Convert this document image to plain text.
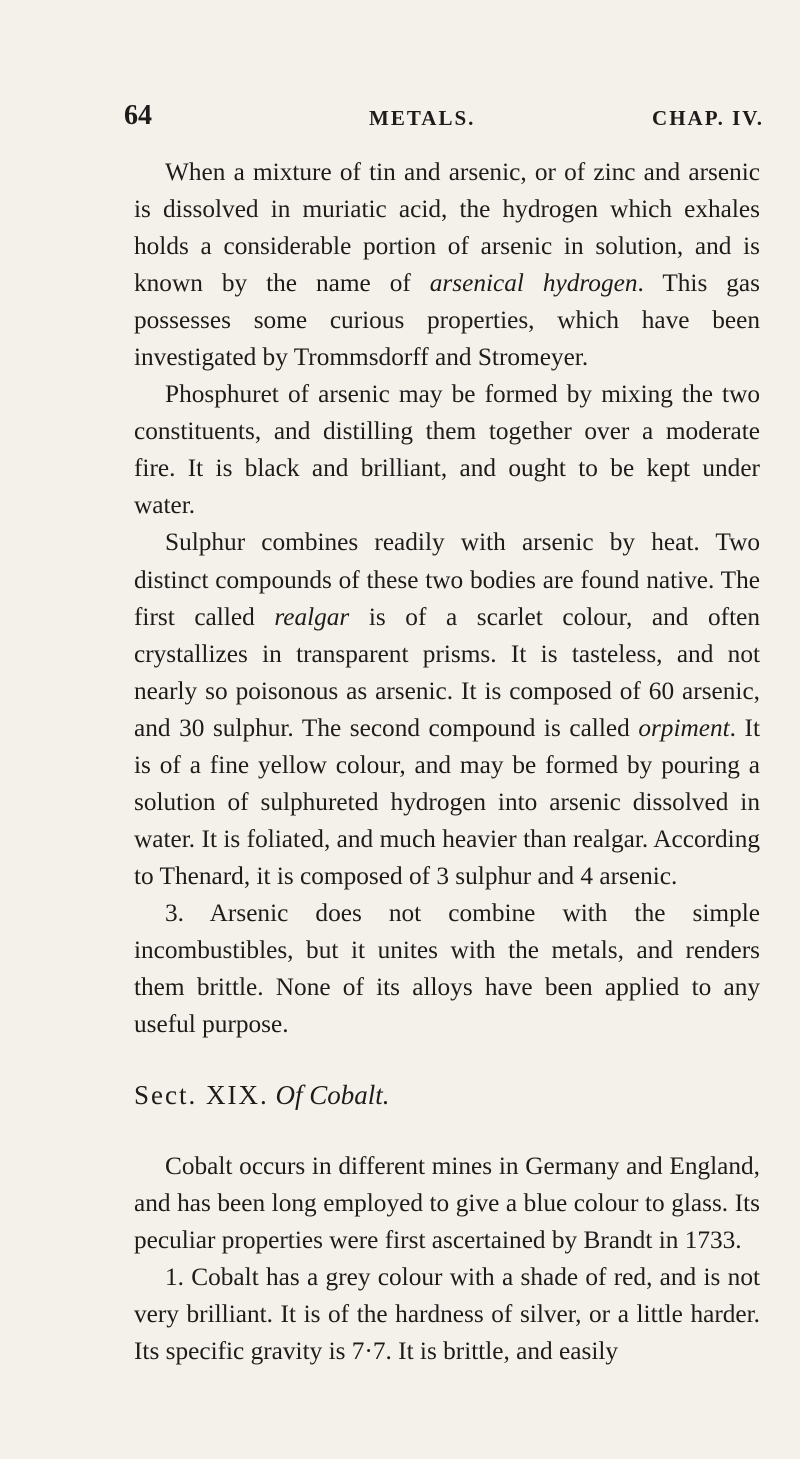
64	METALS.	CHAP. IV.

When a mixture of tin and arsenic, or of zinc and arsenic is dissolved in muriatic acid, the hydrogen which exhales holds a considerable portion of arsenic in solution, and is known by the name of arsenical hydrogen. This gas possesses some curious properties, which have been investigated by Trommsdorff and Stromeyer.

Phosphuret of arsenic may be formed by mixing the two constituents, and distilling them together over a moderate fire. It is black and brilliant, and ought to be kept under water.

Sulphur combines readily with arsenic by heat. Two distinct compounds of these two bodies are found native. The first called realgar is of a scarlet colour, and often crystallizes in transparent prisms. It is tasteless, and not nearly so poisonous as arsenic. It is composed of 60 arsenic, and 30 sulphur. The second compound is called orpiment. It is of a fine yellow colour, and may be formed by pouring a solution of sulphureted hydrogen into arsenic dissolved in water. It is foliated, and much heavier than realgar. According to Thenard, it is composed of 3 sulphur and 4 arsenic.

3. Arsenic does not combine with the simple incombustibles, but it unites with the metals, and renders them brittle. None of its alloys have been applied to any useful purpose.

Sect. XIX. Of Cobalt.

Cobalt occurs in different mines in Germany and England, and has been long employed to give a blue colour to glass. Its peculiar properties were first ascertained by Brandt in 1733.

1. Cobalt has a grey colour with a shade of red, and is not very brilliant. It is of the hardness of silver, or a little harder. Its specific gravity is 7·7. It is brittle, and easily
